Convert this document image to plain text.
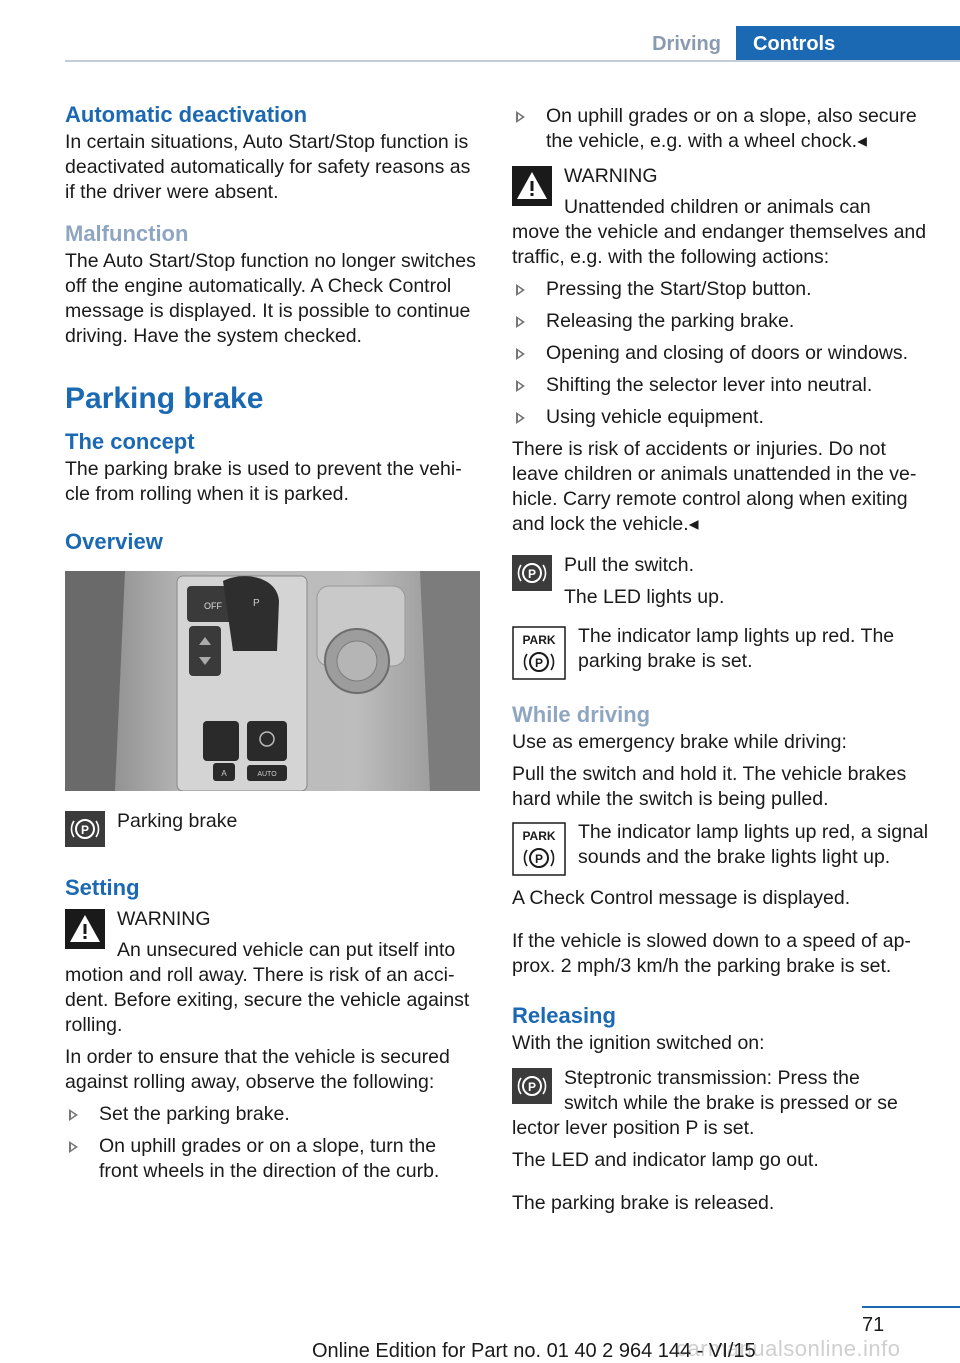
Driving	Controls
Automatic deactivation

In certain situations, Auto Start/Stop function is deactivated automatically for safety reasons as if the driver were absent.

Malfunction

The Auto Start/Stop function no longer switches off the engine automatically. A Check Control message is displayed. It is possible to continue driving. Have the system checked.

Parking brake
The concept

The parking brake is used to prevent the vehicle from rolling when it is parked.

Overview
OFF	P
AUTO
A
P	Parking brake

Setting

WARNING

An unsecured vehicle can put itself into

motion and roll away. There is risk of an accident. Before exiting, secure the vehicle against rolling.

In order to ensure that the vehicle is secured against rolling away, observe the following:

Set the parking brake.
On uphill grades or on a slope, turn the front wheels in the direction of the curb.
On uphill grades or on a slope, also secure the vehicle, e.g. with a wheel chock.◂

WARNING

Unattended children or animals can

move the vehicle and endanger themselves and traffic, e.g. with the following actions:

Pressing the Start/Stop button.
Releasing the parking brake.
Opening and closing of doors or windows.
Shifting the selector lever into neutral.
Using vehicle equipment.

There is risk of accidents or injuries. Do not leave children or animals unattended in the vehicle. Carry remote control along when exiting and lock the vehicle.◂

P	Pull the switch.

The LED lights up.

PARK
P

The indicator lamp lights up red. The parking brake is set.

While driving

Use as emergency brake while driving:

Pull the switch and hold it. The vehicle brakes hard while the switch is being pulled.

PARK
P

The indicator lamp lights up red, a signal sounds and the brake lights light up.

A Check Control message is displayed.

If the vehicle is slowed down to a speed of approx. 2 mph/3 km/h the parking brake is set.

Releasing

With the ignition switched on:

P	Steptronic transmission: Press the

switch while the brake is pressed or se

lector lever position P is set.

The LED and indicator lamp go out.

The parking brake is released.

71
carmanualsonline.info
Online Edition for Part no. 01 40 2 964 144 - VI/15
